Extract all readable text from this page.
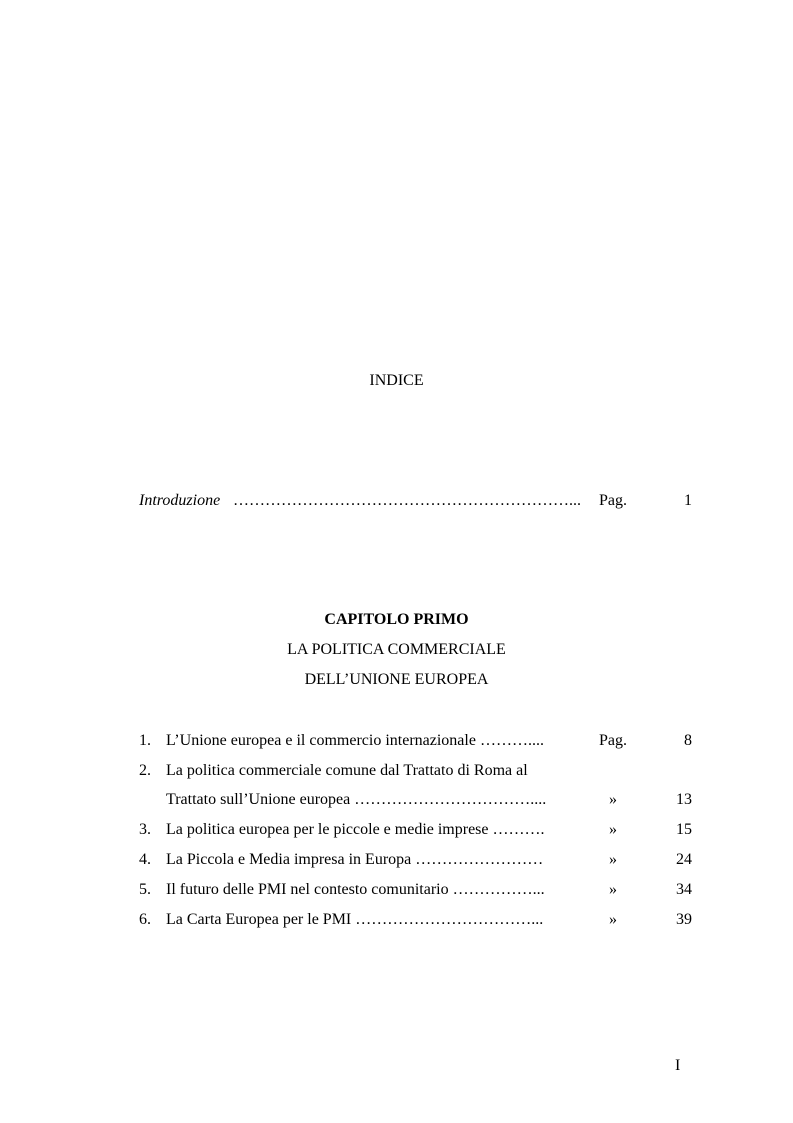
INDICE
Introduzione ………………………………………………………... Pag.	1
CAPITOLO PRIMO
LA POLITICA COMMERCIALE
DELL’UNIONE EUROPEA
1. L’Unione europea e il commercio internazionale ………....	Pag.	8
2. La politica commerciale comune dal Trattato di Roma al
Trattato sull’Unione europea ……………………………....	»	13
3. La politica europea per le piccole e medie imprese ……….	»	15
4. La Piccola e Media impresa in Europa ……………………	»	24
5. Il futuro delle PMI nel contesto comunitario ……………...	»	34
6. La Carta Europea per le PMI ……………………………...	»	39
I
